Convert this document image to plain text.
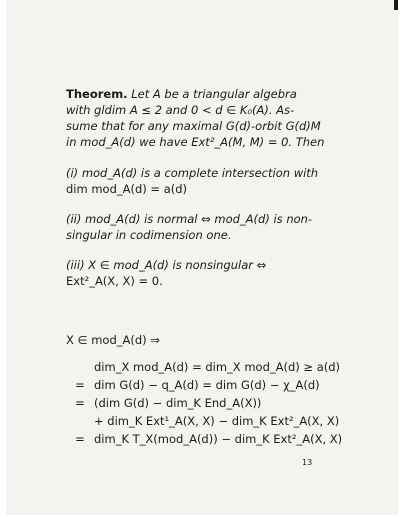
Theorem. Let A be a triangular algebra
with gldim A ≤ 2 and 0 < d ∈ K₀(A). As-
sume that for any maximal G(d)-orbit G(d)M
in mod_A(d) we have Ext²_A(M, M) = 0. Then
(i) mod_A(d) is a complete intersection with
dim mod_A(d) = a(d)
(ii) mod_A(d) is normal ⇔ mod_A(d) is non-
singular in codimension one.
(iii) X ∈ mod_A(d) is nonsingular ⇔
Ext²_A(X, X) = 0.
X ∈ mod_A(d) ⇒
dim_X mod_A(d) = dim_X mod_A(d) ≥ a(d)
= dim G(d) − q_A(d) = dim G(d) − χ_A(d)
= (dim G(d) − dim_K End_A(X))
+ dim_K Ext¹_A(X, X) − dim_K Ext²_A(X, X)
= dim_K T_X(mod_A(d)) − dim_K Ext²_A(X, X)
13
